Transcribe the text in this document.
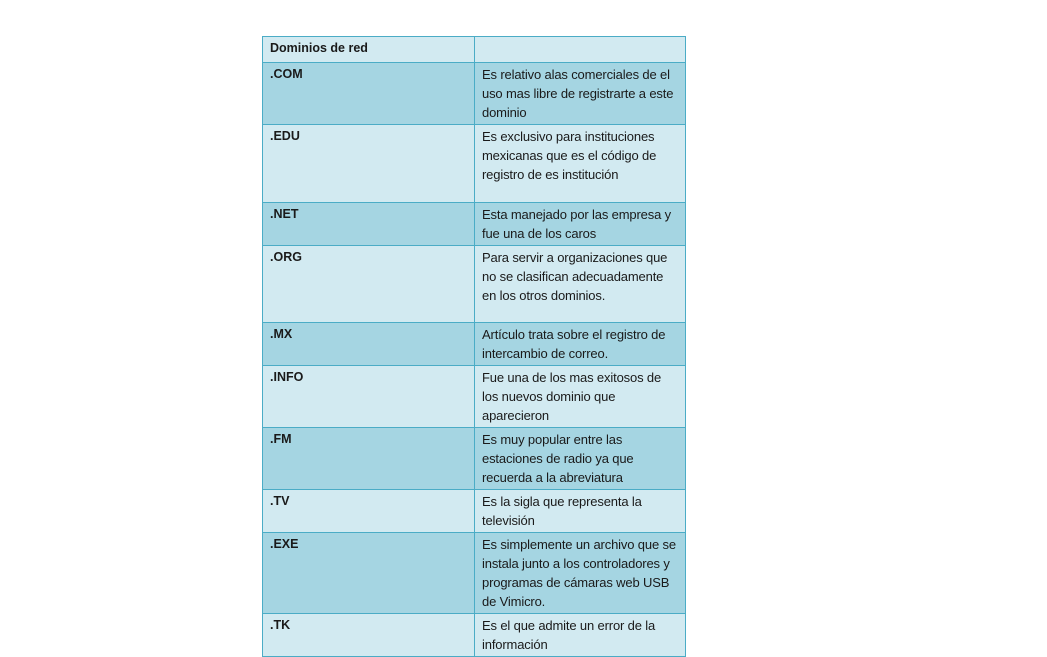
Dominios de red	
.COM	Es relativo alas comerciales de el uso mas libre de registrarte a este dominio
.EDU	Es exclusivo para instituciones mexicanas que es el código de registro de es institución
.NET	Esta manejado por las empresa y fue una de los caros
.ORG	Para servir a organizaciones que no se clasifican adecuadamente en los otros dominios.
.MX	Artículo trata sobre el registro de intercambio de correo.
.INFO	Fue una de los mas exitosos de los nuevos dominio que aparecieron
.FM	Es muy popular entre las estaciones de radio ya que recuerda a la abreviatura
.TV	Es la sigla que representa la televisión
.EXE	Es simplemente un archivo que se instala junto a los controladores y programas de cámaras web USB de Vimicro.
.TK	Es el que admite un error de la información
